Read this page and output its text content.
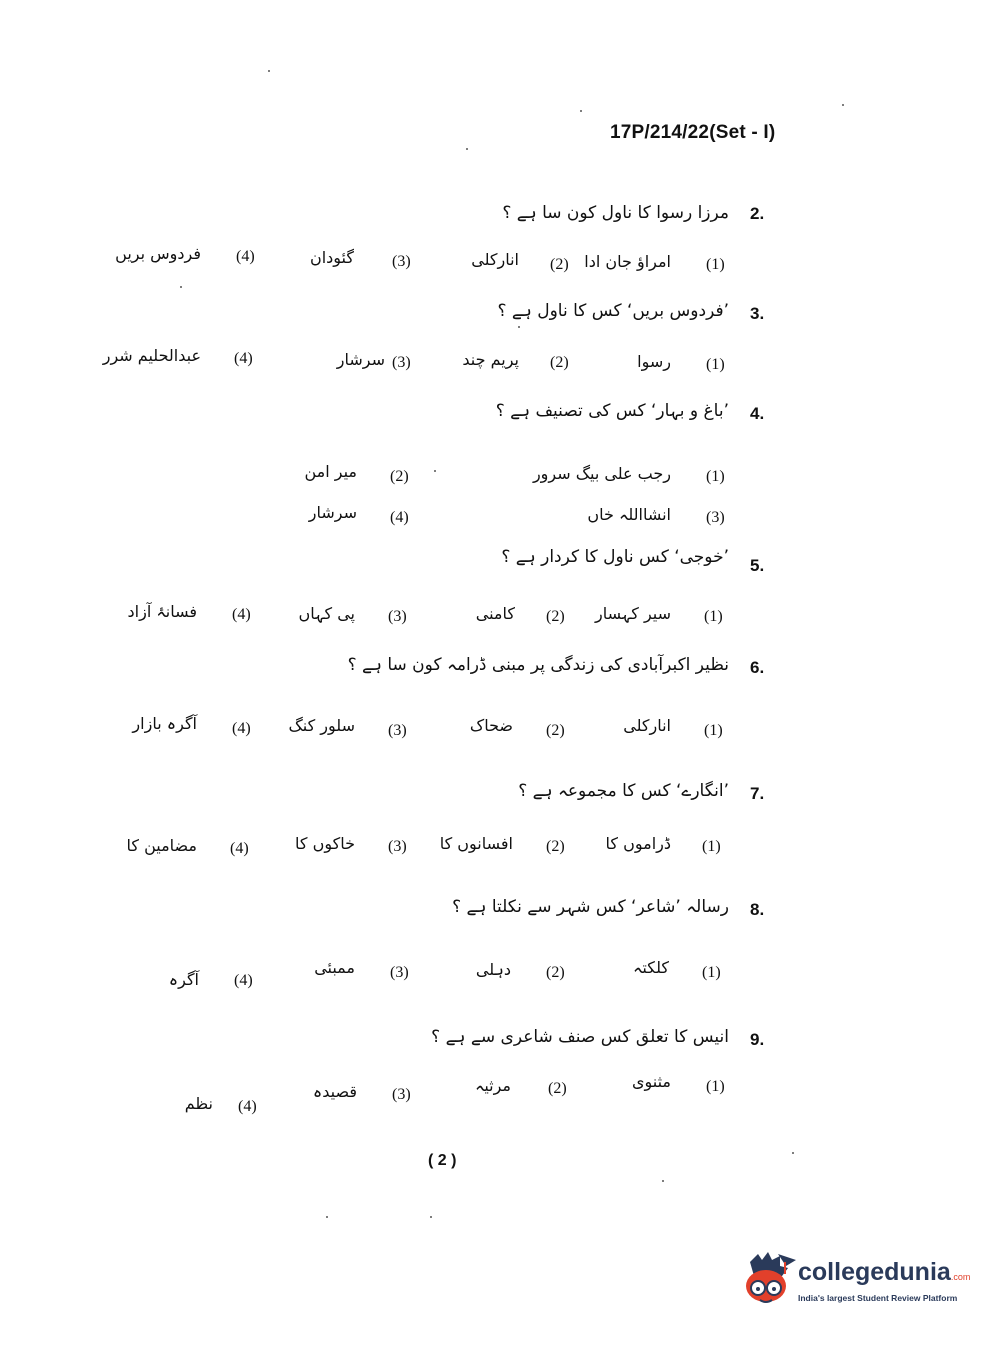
17P/214/22(Set - I)
2.
مرزا رسوا کا ناول کون سا ہے ؟
(1)
امراؤ جان ادا
(2)
انارکلی
(3)
گئودان
(4)
فردوس بریں
3.
’فردوس بریں‘ کس کا ناول ہے ؟
(1)
رسوا
(2)
پریم چند
(3)
سرشار
(4)
عبدالحلیم شرر
4.
’باغ و بہار‘ کس کی تصنیف ہے ؟
(1)
رجب علی بیگ سرور
(2)
میر امن
(3)
انشااللہ خاں
(4)
سرشار
5.
’خوجی‘ کس ناول کا کردار ہے ؟
(1)
سیر کہسار
(2)
کامنی
(3)
پی کہاں
(4)
فسانۂ آزاد
6.
نظیر اکبرآبادی کی زندگی پر مبنی ڈرامہ کون سا ہے ؟
(1)
انارکلی
(2)
ضحاک
(3)
سلور کنگ
(4)
آگرہ بازار
7.
’انگارے‘ کس کا مجموعہ ہے ؟
(1)
ڈراموں کا
(2)
افسانوں کا
(3)
خاکوں کا
(4)
مضامین کا
8.
رسالہ ’شاعر‘ کس شہر سے نکلتا ہے ؟
(1)
کلکتہ
(2)
دہلی
(3)
ممبئی
(4)
آگرہ
9.
انیس کا تعلق کس صنف شاعری سے ہے ؟
(1)
مثنوی
(2)
مرثیہ
(3)
قصیدہ
(4)
نظم
( 2 )
collegedunia.com
India's largest Student Review Platform
